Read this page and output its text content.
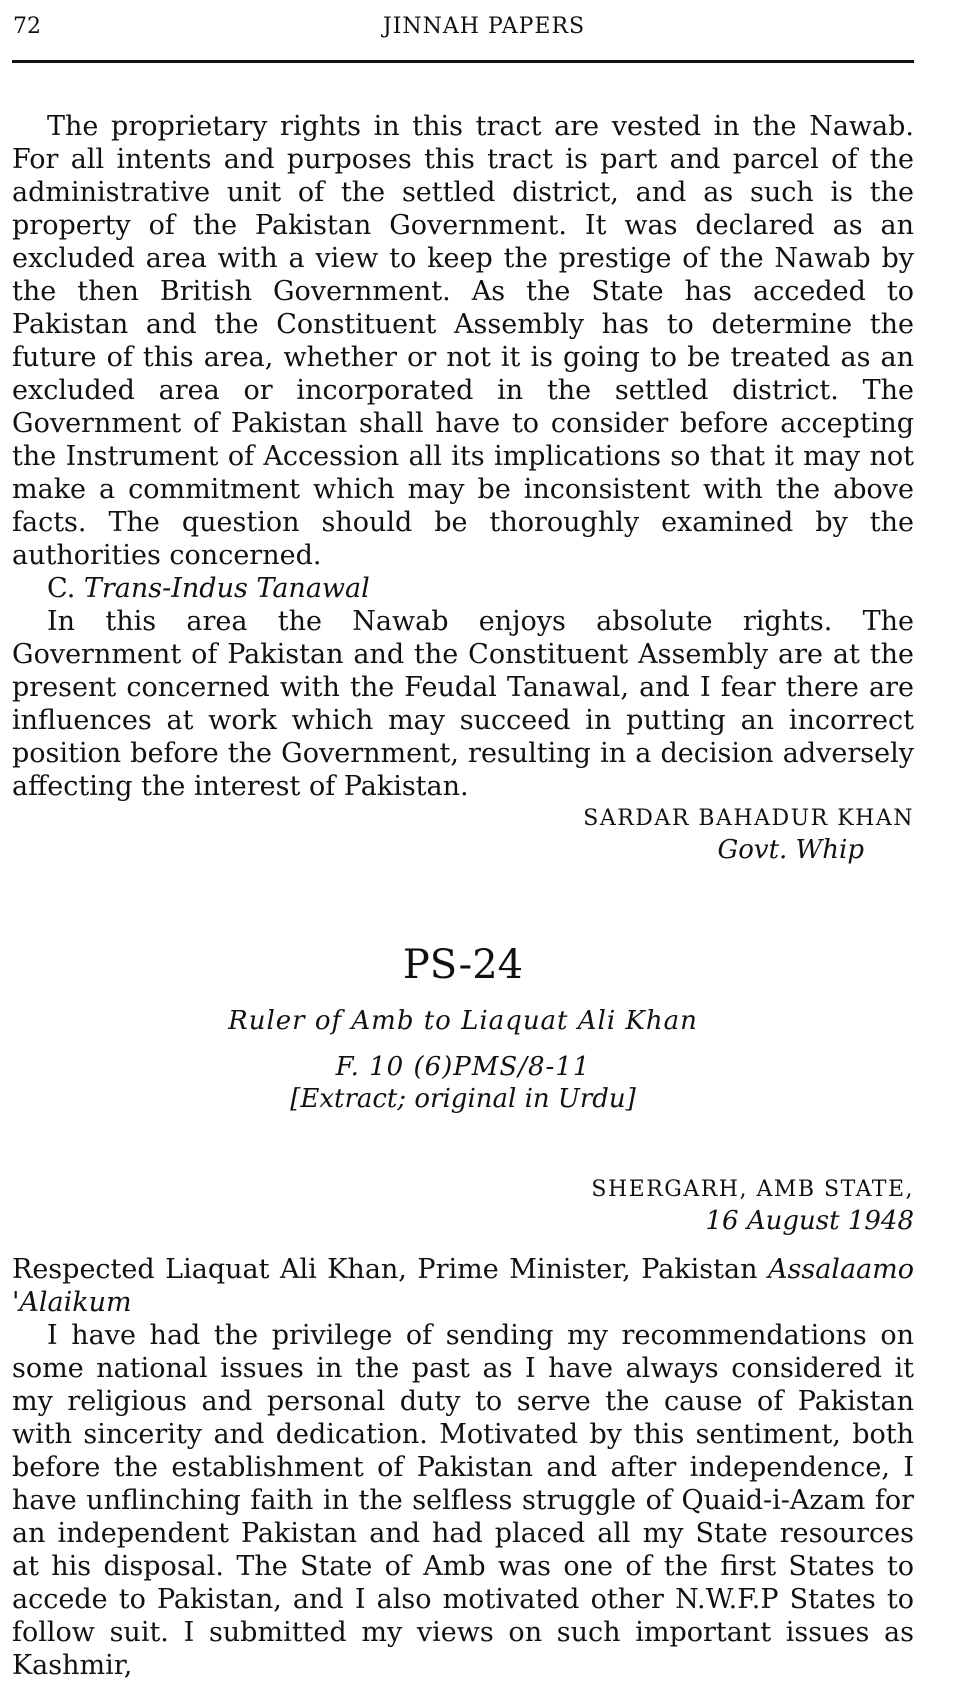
72	JINNAH PAPERS

The proprietary rights in this tract are vested in the Nawab. For all intents and purposes this tract is part and parcel of the administrative unit of the settled district, and as such is the property of the Pakistan Government. It was declared as an excluded area with a view to keep the prestige of the Nawab by the then British Government. As the State has acceded to Pakistan and the Constituent Assembly has to determine the future of this area, whether or not it is going to be treated as an excluded area or incorporated in the settled district. The Government of Pakistan shall have to consider before accepting the Instrument of Accession all its implications so that it may not make a commitment which may be inconsistent with the above facts. The question should be thoroughly examined by the authorities concerned.

C. Trans-Indus Tanawal

In this area the Nawab enjoys absolute rights. The Government of Pakistan and the Constituent Assembly are at the present concerned with the Feudal Tanawal, and I fear there are influences at work which may succeed in putting an incorrect position before the Government, resulting in a decision adversely affecting the interest of Pakistan.

SARDAR BAHADUR KHAN
Govt. Whip
PS-24
Ruler of Amb to Liaquat Ali Khan
F. 10 (6)PMS/8-11
[Extract; original in Urdu]
SHERGARH, AMB STATE,
16 August 1948

Respected Liaquat Ali Khan, Prime Minister, Pakistan Assalaamo 'Alaikum

I have had the privilege of sending my recommendations on some national issues in the past as I have always considered it my religious and personal duty to serve the cause of Pakistan with sincerity and dedication. Motivated by this sentiment, both before the establishment of Pakistan and after independence, I have unflinching faith in the selfless struggle of Quaid-i-Azam for an independent Pakistan and had placed all my State resources at his disposal. The State of Amb was one of the first States to accede to Pakistan, and I also motivated other N.W.F.P States to follow suit. I submitted my views on such important issues as Kashmir,
